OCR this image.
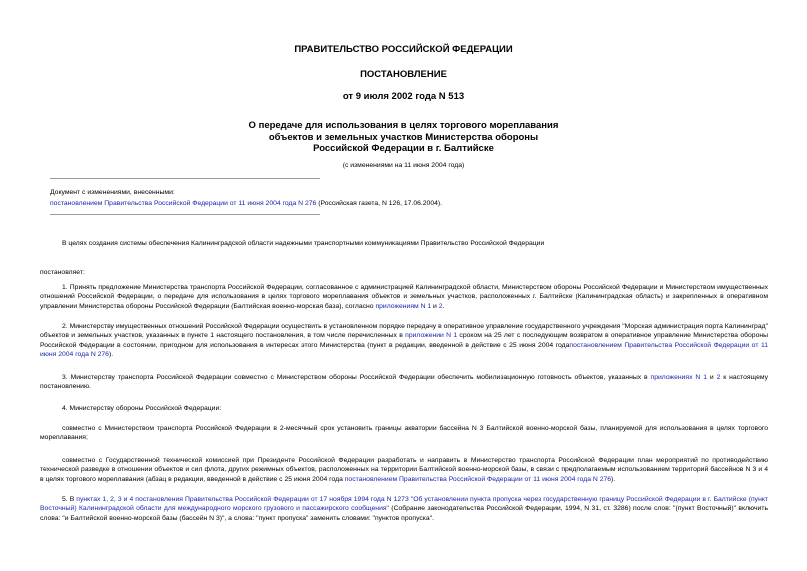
ПРАВИТЕЛЬСТВО РОССИЙСКОЙ ФЕДЕРАЦИИ
ПОСТАНОВЛЕНИЕ
от 9 июля 2002 года N 513
О передаче для использования в целях торгового мореплавания
объектов и земельных участков Министерства обороны
Российской Федерации в г. Балтийске
(с изменениями на 11 июня 2004 года)
Документ с изменениями, внесенными:
постановлением Правительства Российской Федерации от 11 июня 2004 года N 276 (Российская газета, N 126, 17.06.2004).
В целях создания системы обеспечения Калининградской области надежными транспортными коммуникациями Правительство Российской Федерации
постановляет:
1. Принять предложение Министерства транспорта Российской Федерации, согласованное с администрацией Калининградской области, Министерством обороны Российской Федерации и Министерством имущественных отношений Российской Федерации, о передаче для использования в целях торгового мореплавания объектов и земельных участков, расположенных г. Балтийске (Калининградская область) и закрепленных в оперативном управлении Министерства обороны Российской Федерации (Балтийская военно-морская база), согласно приложениям N 1 и 2.
2. Министерству имущественных отношений Российской Федерации осуществить в установленном порядке передачу в оперативное управление государственного учреждения "Морская администрация порта Калининград" объектов и земельных участков, указанных в пункте 1 настоящего постановления, в том числе перечисленных в приложении N 1 сроком на 25 лет с последующим возвратом в оперативное управление Министерства обороны Российской Федерации в состоянии, пригодном для использования в интересах этого Министерства (пункт в редакции, введенной в действие с 25 июня 2004 годапостановлением Правительства Российской Федерации от 11 июня 2004 года N 276).
3. Министерству транспорта Российской Федерации совместно с Министерством обороны Российской Федерации обеспечить мобилизационную готовность объектов, указанных в приложениях N 1 и 2 к настоящему постановлению.
4. Министерству обороны Российской Федерации:
совместно с Министерством транспорта Российской Федерации в 2-месячный срок установить границы акватории бассейна N 3 Балтийской военно-морской базы, планируемой для использования в целях торгового мореплавания;
совместно с Государственной технической комиссией при Президенте Российской Федерации разработать и направить в Министерство транспорта Российской Федерации план мероприятий по противодействию технической разведке в отношении объектов и сил флота, других режимных объектов, расположенных на территории Балтийской военно-морской базы, в связи с предполагаемым использованием территорий бассейнов N 3 и 4 в целях торгового мореплавания (абзац в редакции, введенной в действие с 25 июня 2004 года постановлением Правительства Российской Федерации от 11 июня 2004 года N 276).
5. В пунктах 1, 2, 3 и 4 постановления Правительства Российской Федерации от 17 ноября 1994 года N 1273 "Об установлении пункта пропуска через государственную границу Российской Федерации в г. Балтийске (пункт Восточный) Калининградской области для международного морского грузового и пассажирского сообщения" (Собрание законодательства Российской Федерации, 1994, N 31, ст. 3286) после слов: "(пункт Восточный)" включить слова: "и Балтийской военно-морской базы (бассейн N 3)", а слова: "пункт пропуска" заменить словами: "пунктов пропуска".
